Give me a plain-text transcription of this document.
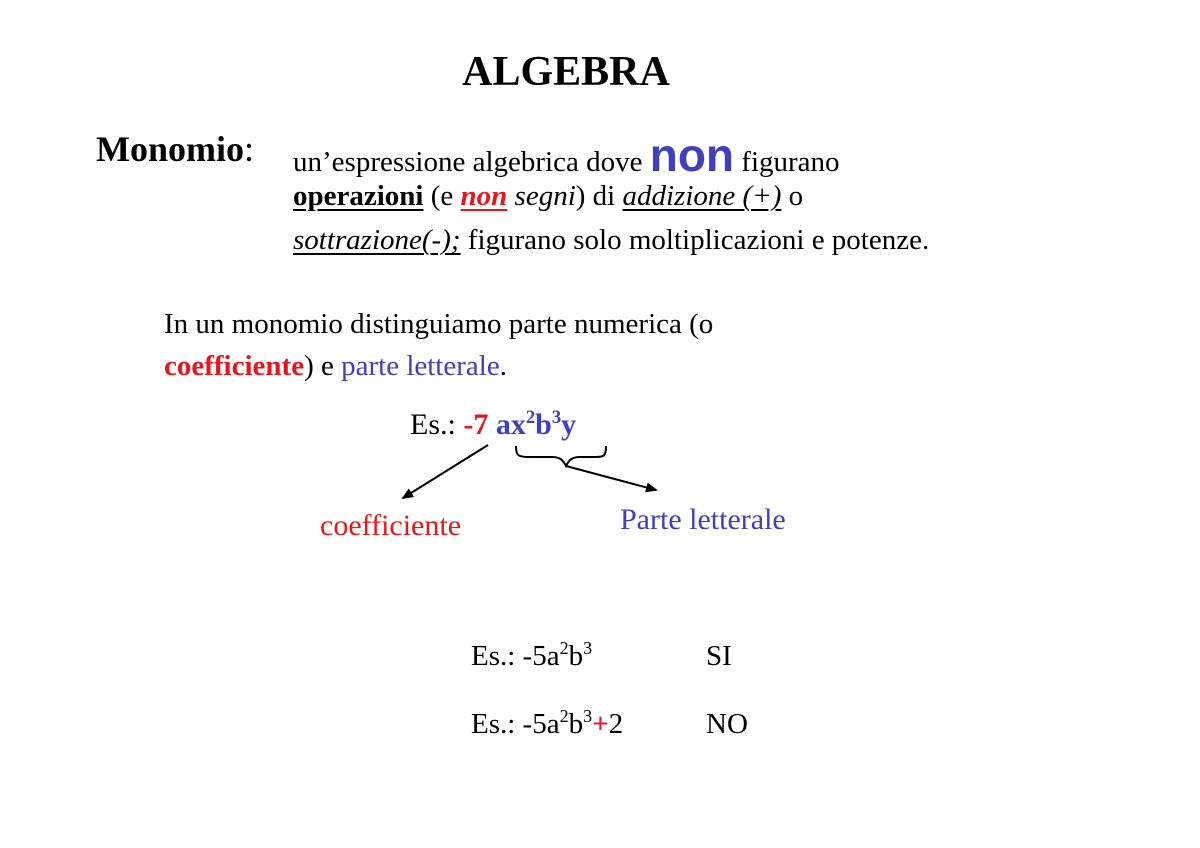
ALGEBRA
Monomio: un’espressione algebrica dove non figurano
operazioni (e non segni) di addizione (+) o
sottrazione(-); figurano solo moltiplicazioni e potenze.
In un monomio distinguiamo parte numerica (o
coefficiente) e parte letterale.
Es.: -7 $ax^2b^3y$
coefficiente	Parte letterale
Es.: $-5a^2b^3$	SI
Es.: $-5a^2b^3+2$	NO
